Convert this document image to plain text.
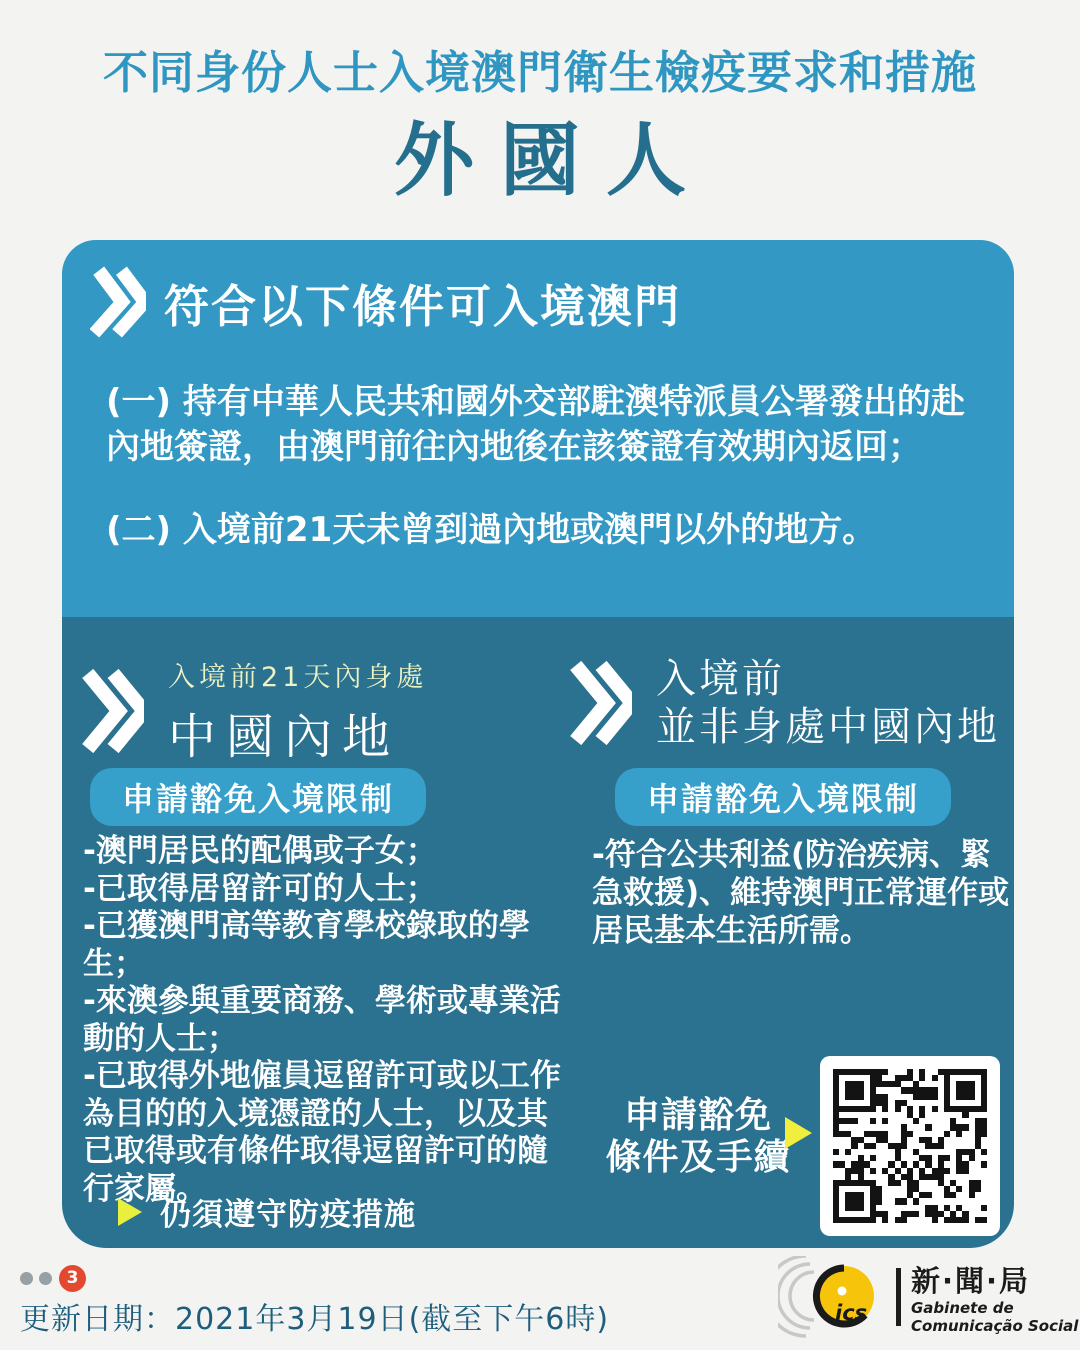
不同身份人士入境澳門衛生檢疫要求和措施
外國人
符合以下條件可入境澳門
(一) 持有中華人民共和國外交部駐澳特派員公署發出的赴內地簽證，由澳門前往內地後在該簽證有效期內返回；
(二) 入境前21天未曾到過內地或澳門以外的地方。
入境前21天內身處
中國內地
申請豁免入境限制
-澳門居民的配偶或子女；
-已取得居留許可的人士；
-已獲澳門高等教育學校錄取的學生；
-來澳參與重要商務、學術或專業活動的人士；
-已取得外地僱員逗留許可或以工作為目的的入境憑證的人士，以及其已取得或有條件取得逗留許可的隨行家屬。
仍須遵守防疫措施
入境前
並非身處中國內地
申請豁免入境限制
-符合公共利益(防治疾病、緊急救援)、維持澳門正常運作或居民基本生活所需。
申請豁免
條件及手續
3
更新日期：2021年3月19日(截至下午6時)	ics
新·聞·局
Gabinete de
Comunicação Social
